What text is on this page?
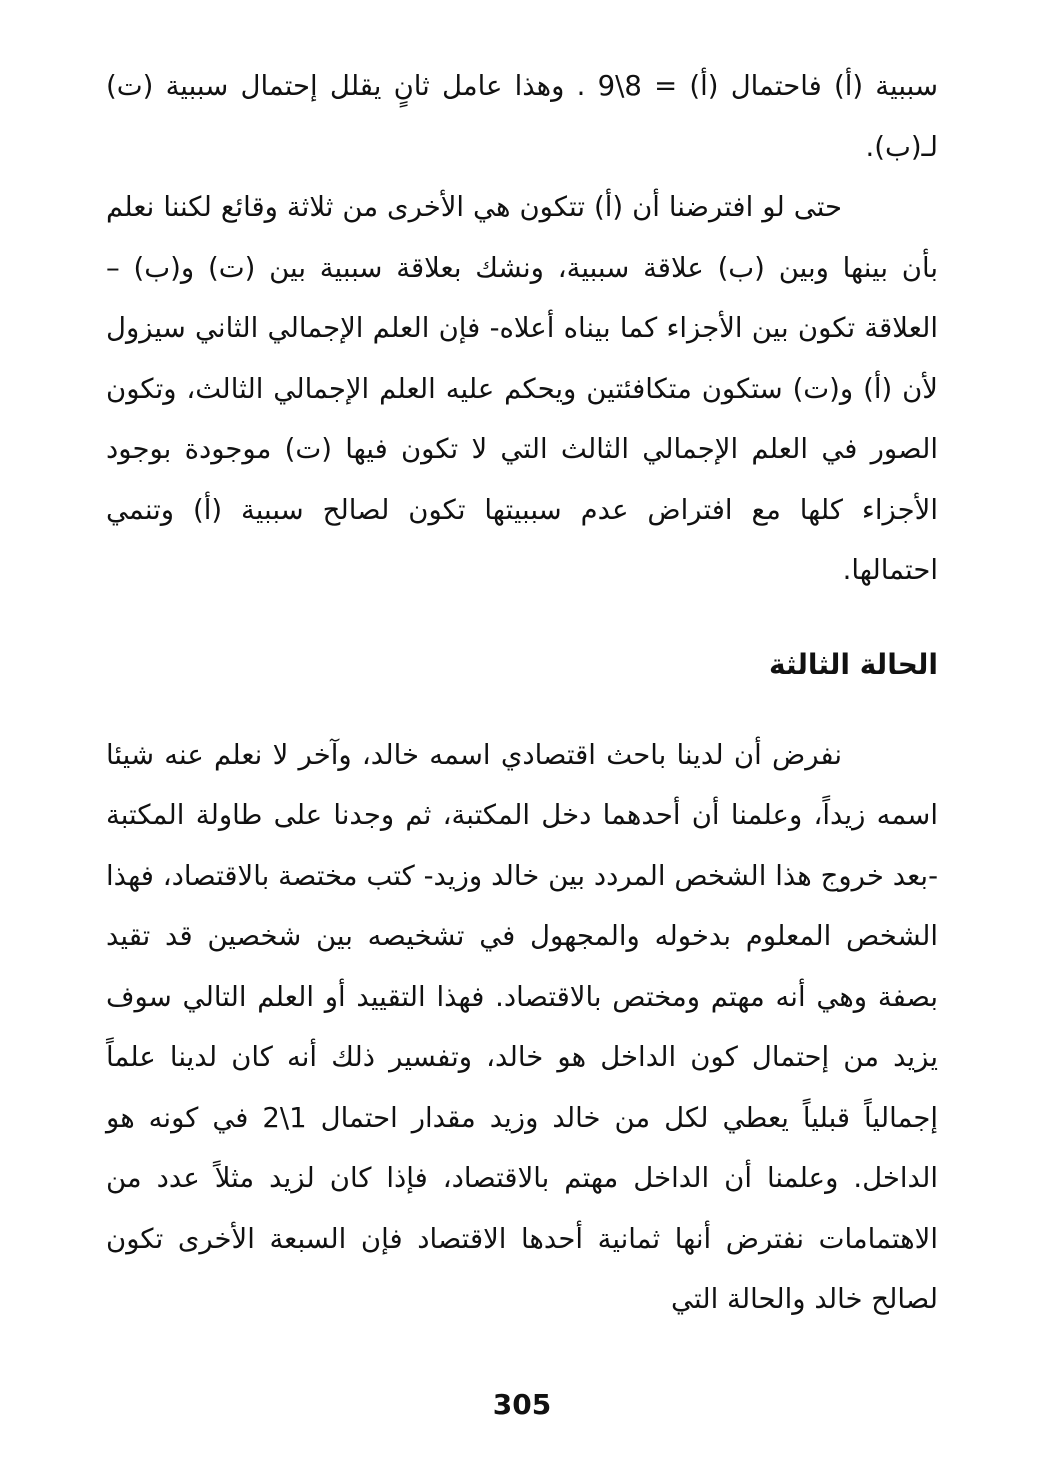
سببية (أ) فاحتمال (أ) = 8\9 . وهذا عامل ثانٍ يقلل إحتمال سببية (ت) لـ(ب).

حتى لو افترضنا أن (أ) تتكون هي الأخرى من ثلاثة وقائع لكننا نعلم بأن بينها وبين (ب) علاقة سببية، ونشك بعلاقة سببية بين (ت) و(ب) –العلاقة تكون بين الأجزاء كما بيناه أعلاه- فإن العلم الإجمالي الثاني سيزول لأن (أ) و(ت) ستكون متكافئتين ويحكم عليه العلم الإجمالي الثالث، وتكون الصور في العلم الإجمالي الثالث التي لا تكون فيها (ت) موجودة بوجود الأجزاء كلها مع افتراض عدم سببيتها تكون لصالح سببية (أ) وتنمي احتمالها.

الحالة الثالثة

نفرض أن لدينا باحث اقتصادي اسمه خالد، وآخر لا نعلم عنه شيئا اسمه زيداً، وعلمنا أن أحدهما دخل المكتبة، ثم وجدنا على طاولة المكتبة -بعد خروج هذا الشخص المردد بين خالد وزيد- كتب مختصة بالاقتصاد، فهذا الشخص المعلوم بدخوله والمجهول في تشخيصه بين شخصين قد تقيد بصفة وهي أنه مهتم ومختص بالاقتصاد. فهذا التقييد أو العلم التالي سوف يزيد من إحتمال كون الداخل هو خالد، وتفسير ذلك أنه كان لدينا علماً إجمالياً قبلياً يعطي لكل من خالد وزيد مقدار احتمال 1\2 في كونه هو الداخل. وعلمنا أن الداخل مهتم بالاقتصاد، فإذا كان لزيد مثلاً عدد من الاهتمامات نفترض أنها ثمانية أحدها الاقتصاد فإن السبعة الأخرى تكون لصالح خالد والحالة التي

305
